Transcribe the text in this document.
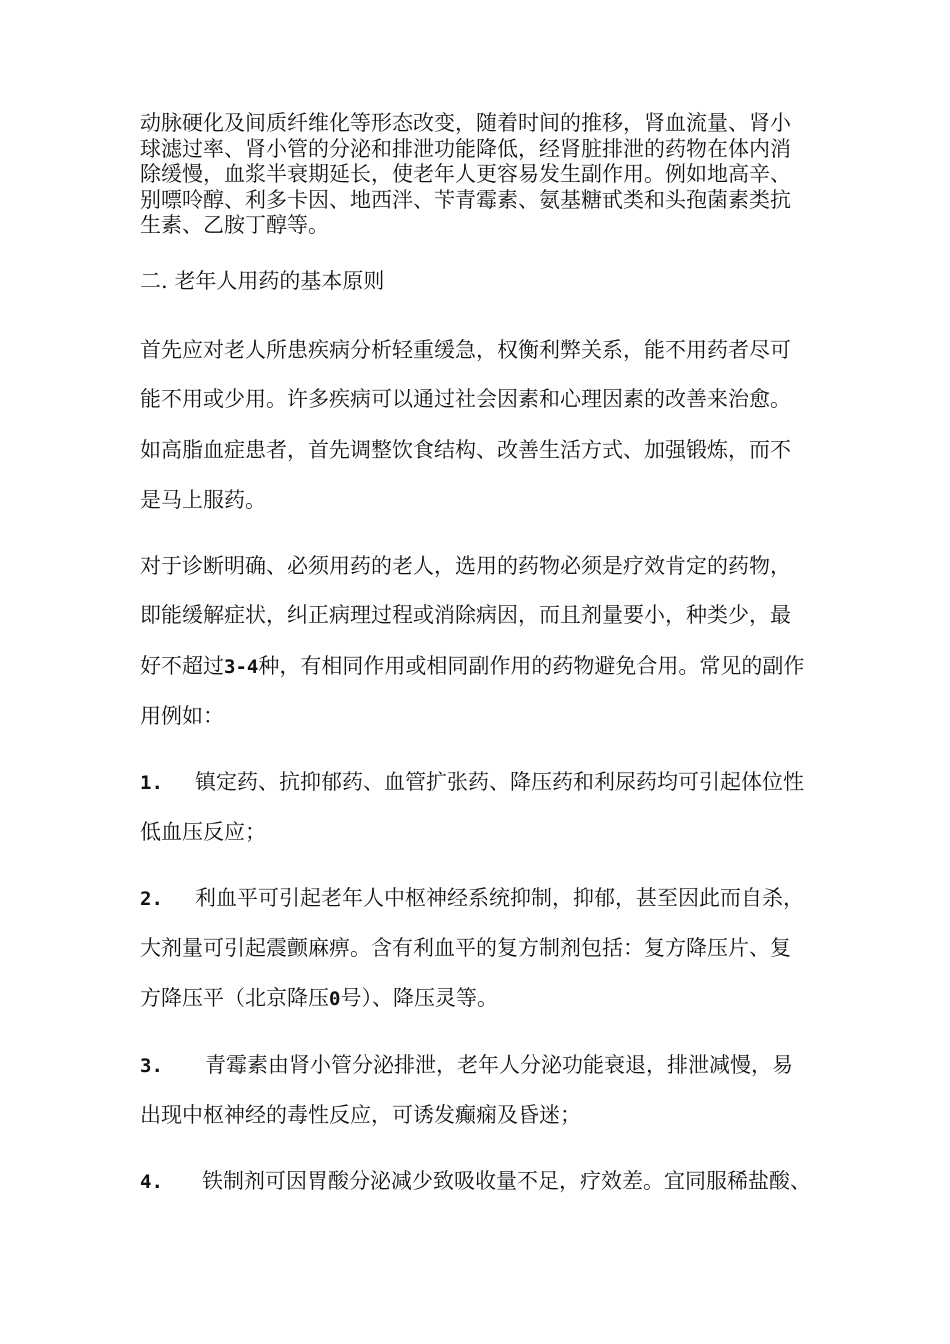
动脉硬化及间质纤维化等形态改变，随着时间的推移，肾血流量、肾小
球滤过率、肾小管的分泌和排泄功能降低，经肾脏排泄的药物在体内消
除缓慢，血浆半衰期延长，使老年人更容易发生副作用。例如地高辛、
别嘌呤醇、利多卡因、地西泮、苄青霉素、氨基糖甙类和头孢菌素类抗
生素、乙胺丁醇等。
二. 老年人用药的基本原则
首先应对老人所患疾病分析轻重缓急，权衡利弊关系，能不用药者尽可
能不用或少用。许多疾病可以通过社会因素和心理因素的改善来治愈。
如高脂血症患者，首先调整饮食结构、改善生活方式、加强锻炼，而不
是马上服药。
对于诊断明确、必须用药的老人，选用的药物必须是疗效肯定的药物，
即能缓解症状，纠正病理过程或消除病因，而且剂量要小，种类少，最
好不超过3-4种，有相同作用或相同副作用的药物避免合用。常见的副作
用例如：
1. 镇定药、抗抑郁药、血管扩张药、降压药和利尿药均可引起体位性
低血压反应；
2. 利血平可引起老年人中枢神经系统抑制，抑郁，甚至因此而自杀，
大剂量可引起震颤麻痹。含有利血平的复方制剂包括：复方降压片、复
方降压平（北京降压0号）、降压灵等。
3. 青霉素由肾小管分泌排泄，老年人分泌功能衰退，排泄减慢，易
出现中枢神经的毒性反应，可诱发癫痫及昏迷；
4. 铁制剂可因胃酸分泌减少致吸收量不足，疗效差。宜同服稀盐酸、
